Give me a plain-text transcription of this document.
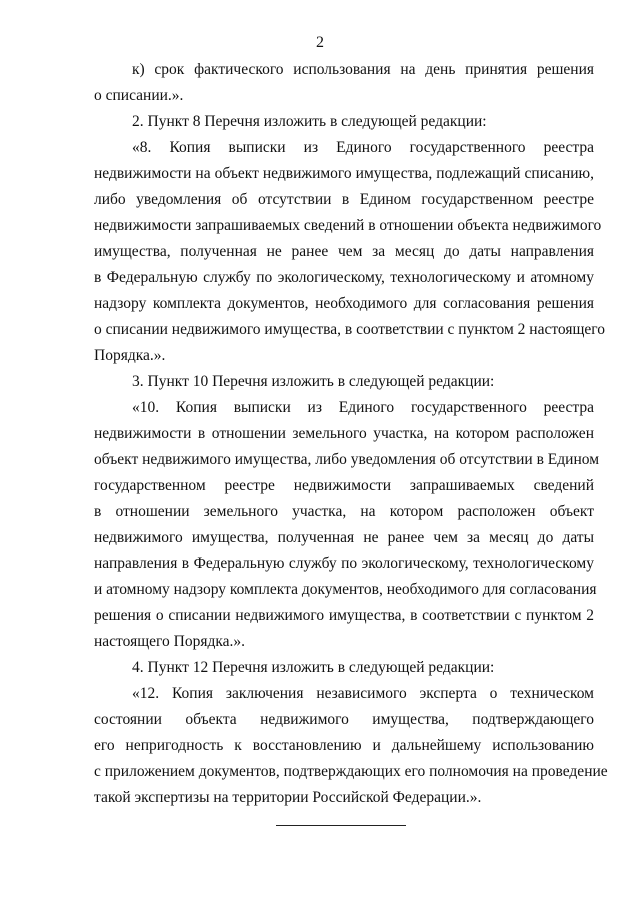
2
к) срок фактического использования на день принятия решения
о списании.».
2. Пункт 8 Перечня изложить в следующей редакции:
«8. Копия выписки из Единого государственного реестра
недвижимости на объект недвижимого имущества, подлежащий списанию,
либо уведомления об отсутствии в Едином государственном реестре
недвижимости запрашиваемых сведений в отношении объекта недвижимого
имущества, полученная не ранее чем за месяц до даты направления
в Федеральную службу по экологическому, технологическому и атомному
надзору комплекта документов, необходимого для согласования решения
о списании недвижимого имущества, в соответствии с пунктом 2 настоящего
Порядка.».
3. Пункт 10 Перечня изложить в следующей редакции:
«10. Копия выписки из Единого государственного реестра
недвижимости в отношении земельного участка, на котором расположен
объект недвижимого имущества, либо уведомления об отсутствии в Едином
государственном реестре недвижимости запрашиваемых сведений
в отношении земельного участка, на котором расположен объект
недвижимого имущества, полученная не ранее чем за месяц до даты
направления в Федеральную службу по экологическому, технологическому
и атомному надзору комплекта документов, необходимого для согласования
решения о списании недвижимого имущества, в соответствии с пунктом 2
настоящего Порядка.».
4. Пункт 12 Перечня изложить в следующей редакции:
«12. Копия заключения независимого эксперта о техническом
состоянии объекта недвижимого имущества, подтверждающего
его непригодность к восстановлению и дальнейшему использованию
с приложением документов, подтверждающих его полномочия на проведение
такой экспертизы на территории Российской Федерации.».
